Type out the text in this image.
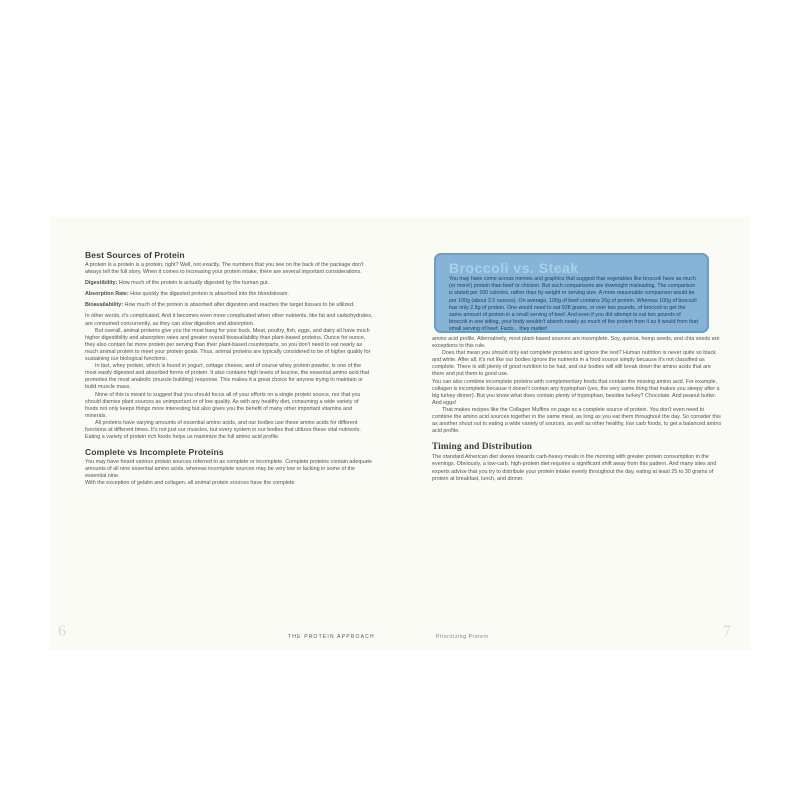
Best Sources of Protein

A protein is a protein is a protein, right? Well, not exactly. The numbers that you see on the back of the package don't always tell the full story. When it comes to increasing your protein intake, there are several important considerations.

Digestibility: How much of the protein is actually digested by the human gut.

Absorption Rate: How quickly the digested protein is absorbed into the bloodstream.

Bioavailability: How much of the protein is absorbed after digestion and reaches the target tissues to be utilized.

In other words, it's complicated. And it becomes even more complicated when other nutrients, like fat and carbohydrates, are consumed concurrently, as they can slow digestion and absorption.

But overall, animal proteins give you the most bang for your buck. Meat, poultry, fish, eggs, and dairy all have much higher digestibility and absorption rates and greater overall bioavailability than plant-based proteins. Ounce for ounce, they also contain far more protein per serving than their plant-based counterparts, so you don't need to eat nearly as much animal protein to meet your protein goals. Thus, animal proteins are typically considered to be of higher quality for sustaining our biological functions.

In fact, whey protein, which is found in yogurt, cottage cheese, and of course whey protein powder, is one of the most easily digested and absorbed forms of protein. It also contains high levels of leucine, the essential amino acid that promotes the most anabolic (muscle building) response. This makes it a great choice for anyone trying to maintain or build muscle mass.

None of this is meant to suggest that you should focus all of your efforts on a single protein source, nor that you should dismiss plant sources as unimportant or of low quality. As with any healthy diet, consuming a wide variety of foods not only keeps things more interesting but also gives you the benefit of many other important vitamins and minerals.

All proteins have varying amounts of essential amino acids, and our bodies use these amino acids for different functions at different times. It's not just our muscles, but every system in our bodies that utilizes these vital nutrients. Eating a variety of protein rich foods helps us maximize the full amino acid profile.

Complete vs Incomplete Proteins

You may have heard various protein sources referred to as complete or incomplete. Complete proteins contain adequate amounts of all nine essential amino acids, whereas incomplete sources may be very low or lacking in some of the essential nine.

With the exception of gelatin and collagen, all animal protein sources have the complete

6	THE PROTEIN APPROACH
Broccoli vs. Steak
You may have come across memes and graphics that suggest that vegetables like broccoli have as much (or more!) protein than beef or chicken. But such comparisons are downright misleading. The comparison is stated per 100 calories, rather than by weight or serving size. A more reasonable comparison would be per 100g (about 3.5 ounces). On average, 100g of beef contains 26g of protein. Whereas 100g of broccoli has only 2.8g of protein. One would need to eat 928 grams, or over two pounds, of broccoli to get the same amount of protein in a small serving of beef. And even if you did attempt to eat two pounds of broccoli in one sitting, your body wouldn't absorb nearly as much of the protein from it as it would from that small serving of beef. Facts... they matter!

amino acid profile. Alternatively, most plant-based sources are incomplete. Soy, quinoa, hemp seeds, and chia seeds are exceptions to this rule.

Does that mean you should only eat complete proteins and ignore the rest? Human nutrition is never quite so black and white. After all, it's not like our bodies ignore the nutrients in a food source simply because it's not classified as complete. There is still plenty of good nutrition to be had, and our bodies will still break down the amino acids that are there and put them to good use.

You can also combine incomplete proteins with complementary foods that contain the missing amino acid. For example, collagen is incomplete because it doesn't contain any tryptophan (yes, the very same thing that makes you sleepy after a big turkey dinner). But you know what does contain plenty of tryptophan, besides turkey? Chocolate. And peanut butter. And eggs!

That makes recipes like the Collagen Muffins on page xx a complete source of protein. You don't even need to combine the amino acid sources together in the same meal, as long as you eat them throughout the day. So consider this as another shout out to eating a wide variety of sources, as well as other healthy, low carb foods, to get a balanced amino acid profile.

Timing and Distribution

The standard American diet skews towards carb-heavy meals in the morning with greater protein consumption in the evenings. Obviously, a low-carb, high-protein diet requires a significant shift away from this pattern. And many sites and experts advise that you try to distribute your protein intake evenly throughout the day, eating at least 25 to 30 grams of protein at breakfast, lunch, and dinner.

Prioritizing Protein	7
